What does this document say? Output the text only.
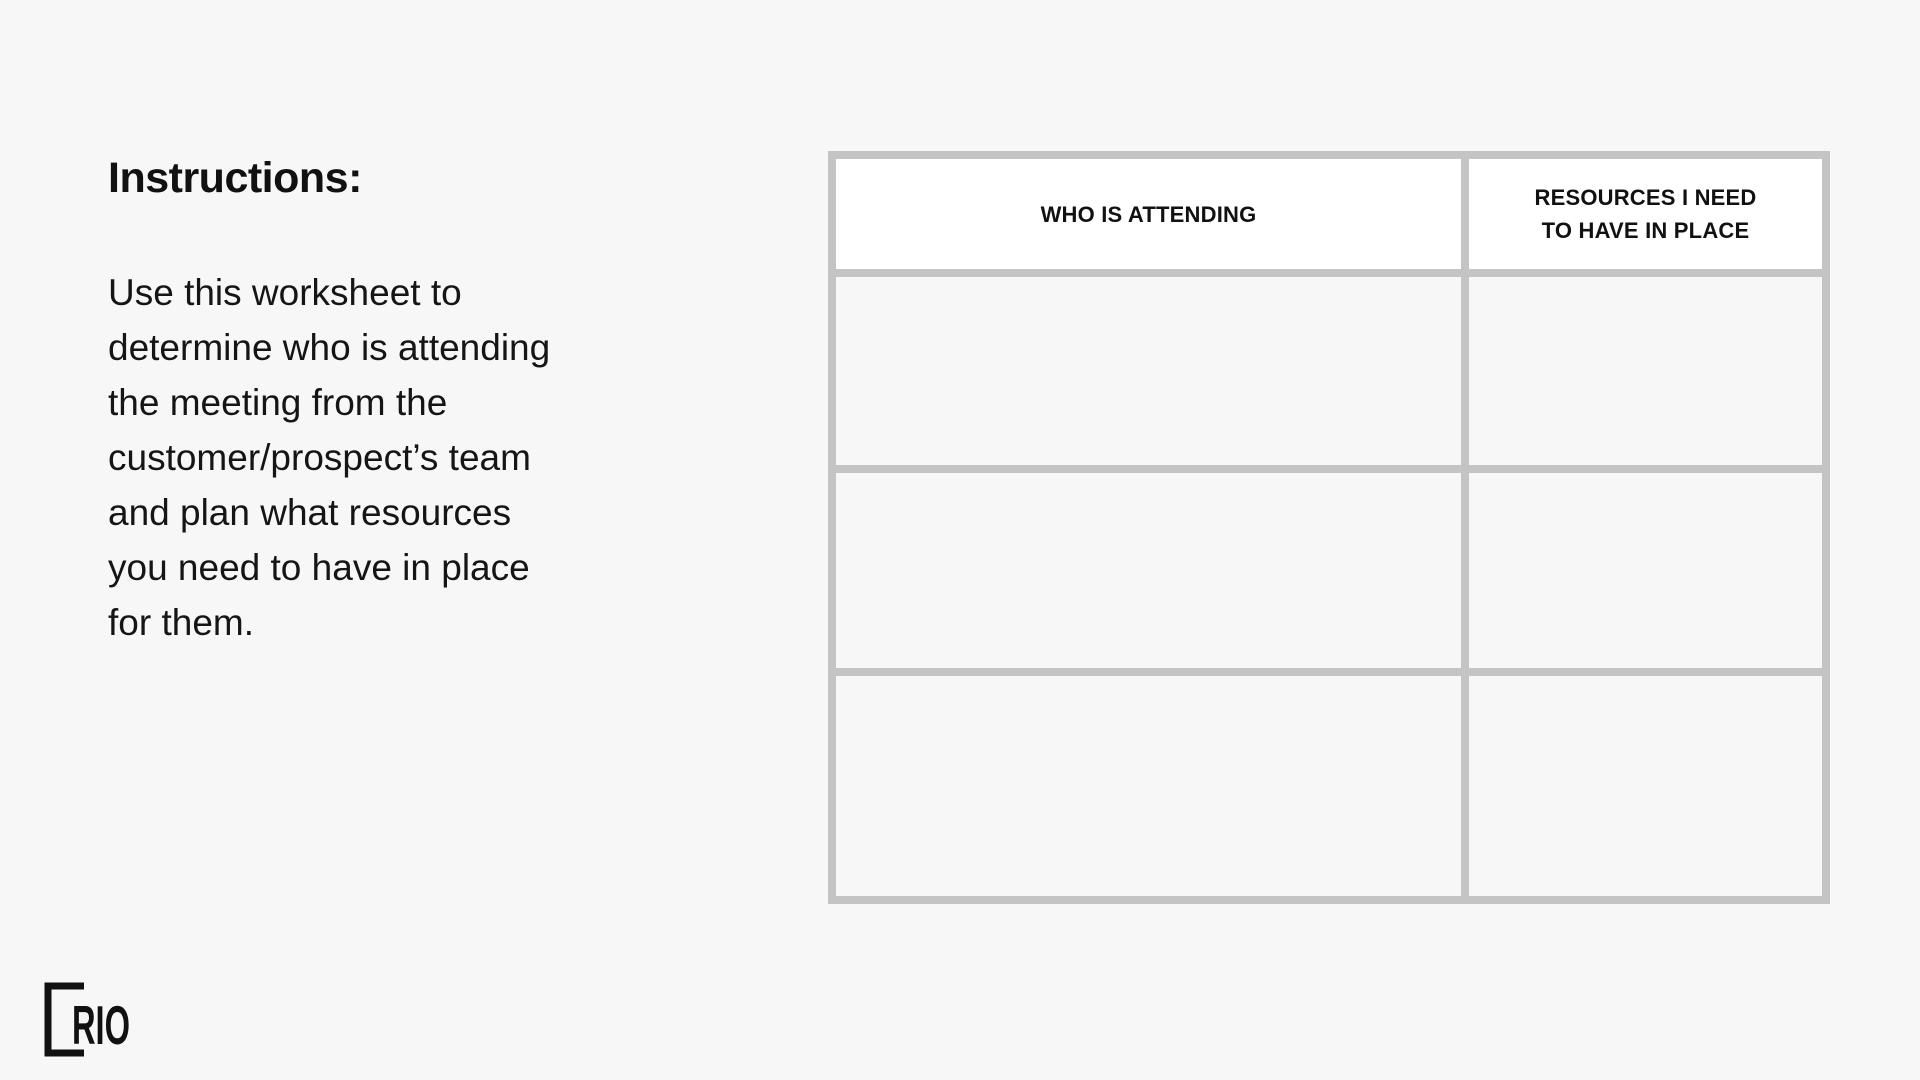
Instructions:

Use this worksheet to determine who is attending the meeting from the customer/prospect’s team and plan what resources you need to have in place for them.

WHO IS ATTENDING	RESOURCES I NEED TO HAVE IN PLACE

RIO
